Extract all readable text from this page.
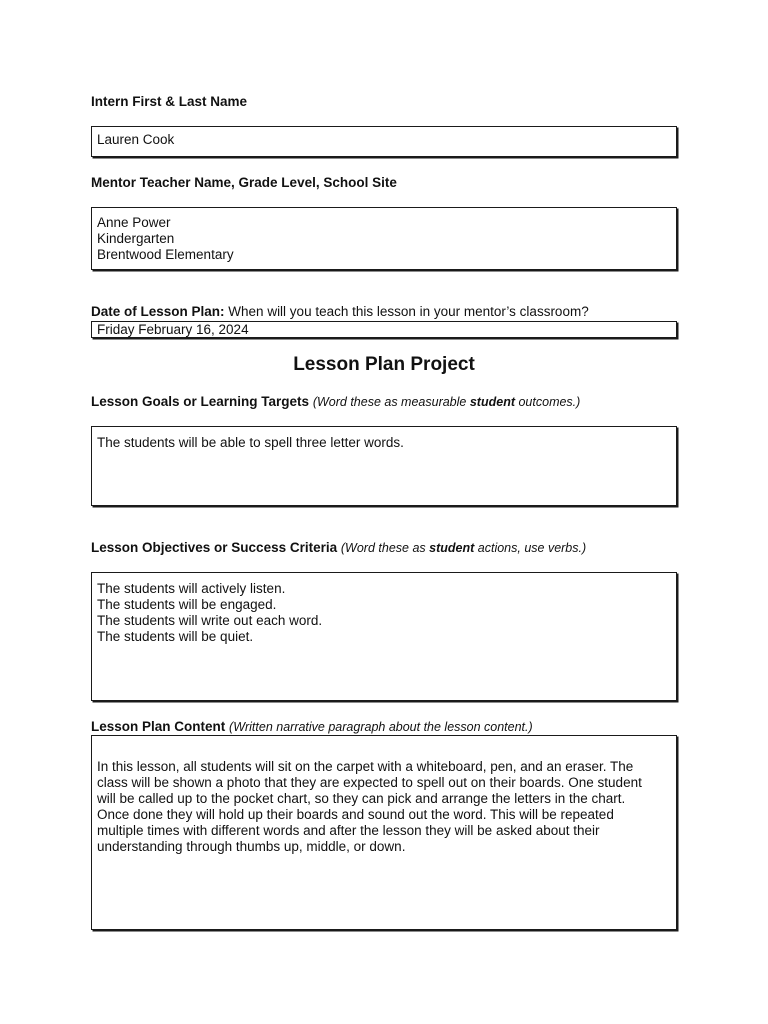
Intern First & Last Name
Lauren Cook
Mentor Teacher Name, Grade Level, School Site
Anne Power
Kindergarten
Brentwood Elementary
Date of Lesson Plan: When will you teach this lesson in your mentor’s classroom?
Friday February 16, 2024
Lesson Plan Project
Lesson Goals or Learning Targets (Word these as measurable student outcomes.)
The students will be able to spell three letter words.
Lesson Objectives or Success Criteria (Word these as student actions, use verbs.)
The students will actively listen.
The students will be engaged.
The students will write out each word.
The students will be quiet.
Lesson Plan Content (Written narrative paragraph about the lesson content.)
In this lesson, all students will sit on the carpet with a whiteboard, pen, and an eraser. The
class will be shown a photo that they are expected to spell out on their boards. One student
will be called up to the pocket chart, so they can pick and arrange the letters in the chart.
Once done they will hold up their boards and sound out the word. This will be repeated
multiple times with different words and after the lesson they will be asked about their
understanding through thumbs up, middle, or down.
